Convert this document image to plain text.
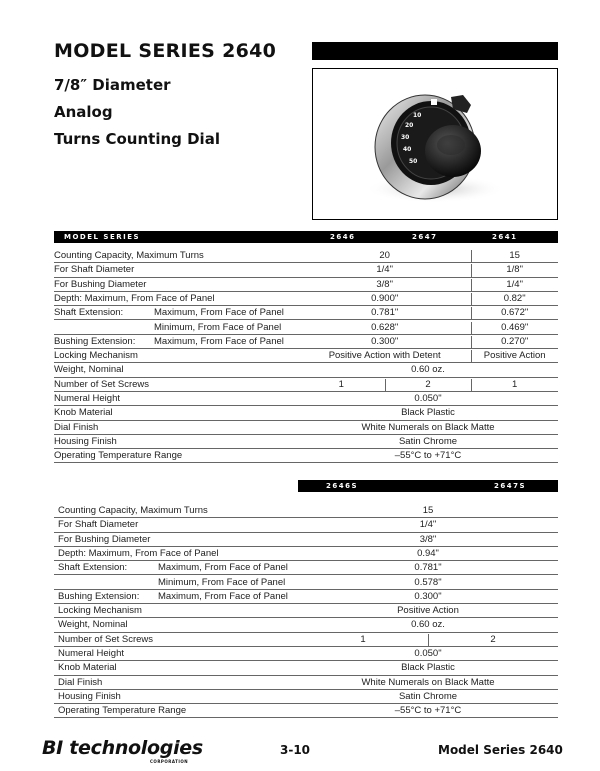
MODEL SERIES 2640
7/8″ Diameter
Analog
Turns Counting Dial
10
20
30
40
50
MODEL SERIES	2646	2647	2641
Counting Capacity, Maximum Turns	20	15
For Shaft Diameter	1/4"	1/8"
For Bushing Diameter	3/8"	1/4"
Depth: Maximum, From Face of Panel	0.900"	0.82"
Shaft Extension:	Maximum, From Face of Panel	0.781"	0.672"
Minimum, From Face of Panel	0.628"	0.469"
Bushing Extension: Maximum, From Face of Panel	0.300"	0.270"
Locking Mechanism	Positive Action with Detent	Positive Action
Weight, Nominal	0.60 oz.
Number of Set Screws	1	2	1
Numeral Height	0.050"
Knob Material	Black Plastic
Dial Finish	White Numerals on Black Matte
Housing Finish	Satin Chrome
Operating Temperature Range	–55°C to +71°C
2646S	2647S
Counting Capacity, Maximum Turns	15
For Shaft Diameter	1/4"
For Bushing Diameter	3/8"
Depth: Maximum, From Face of Panel	0.94"
Shaft Extension:	Maximum, From Face of Panel	0.781"
Minimum, From Face of Panel	0.578"
Bushing Extension: Maximum, From Face of Panel	0.300"
Locking Mechanism	Positive Action
Weight, Nominal	0.60 oz.
Number of Set Screws	1	2
Numeral Height	0.050"
Knob Material	Black Plastic
Dial Finish	White Numerals on Black Matte
Housing Finish	Satin Chrome
Operating Temperature Range	–55°C to +71°C
BI technologies
CORPORATION
3-10	Model Series 2640
